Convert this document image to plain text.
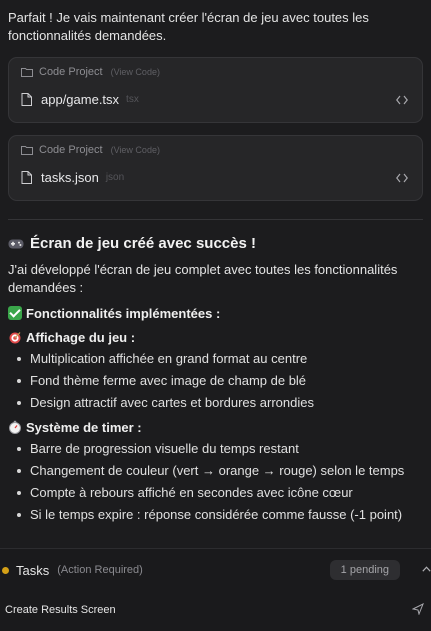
Parfait ! Je vais maintenant créer l'écran de jeu avec toutes les fonctionnalités demandées.

Code Project (View Code)
app/game.tsx tsx
Code Project (View Code)
tasks.json json
Écran de jeu créé avec succès !

J'ai développé l'écran de jeu complet avec toutes les fonctionnalités demandées :

Fonctionnalités implémentées :
Affichage du jeu :
Multiplication affichée en grand format au centre
Fond thème ferme avec image de champ de blé
Design attractif avec cartes et bordures arrondies
Système de timer :
Barre de progression visuelle du temps restant
Changement de couleur (vert → orange → rouge) selon le temps
Compte à rebours affiché en secondes avec icône cœur
Si le temps expire : réponse considérée comme fausse (-1 point)
Tasks (Action Required)	1 pending
Create Results Screen
